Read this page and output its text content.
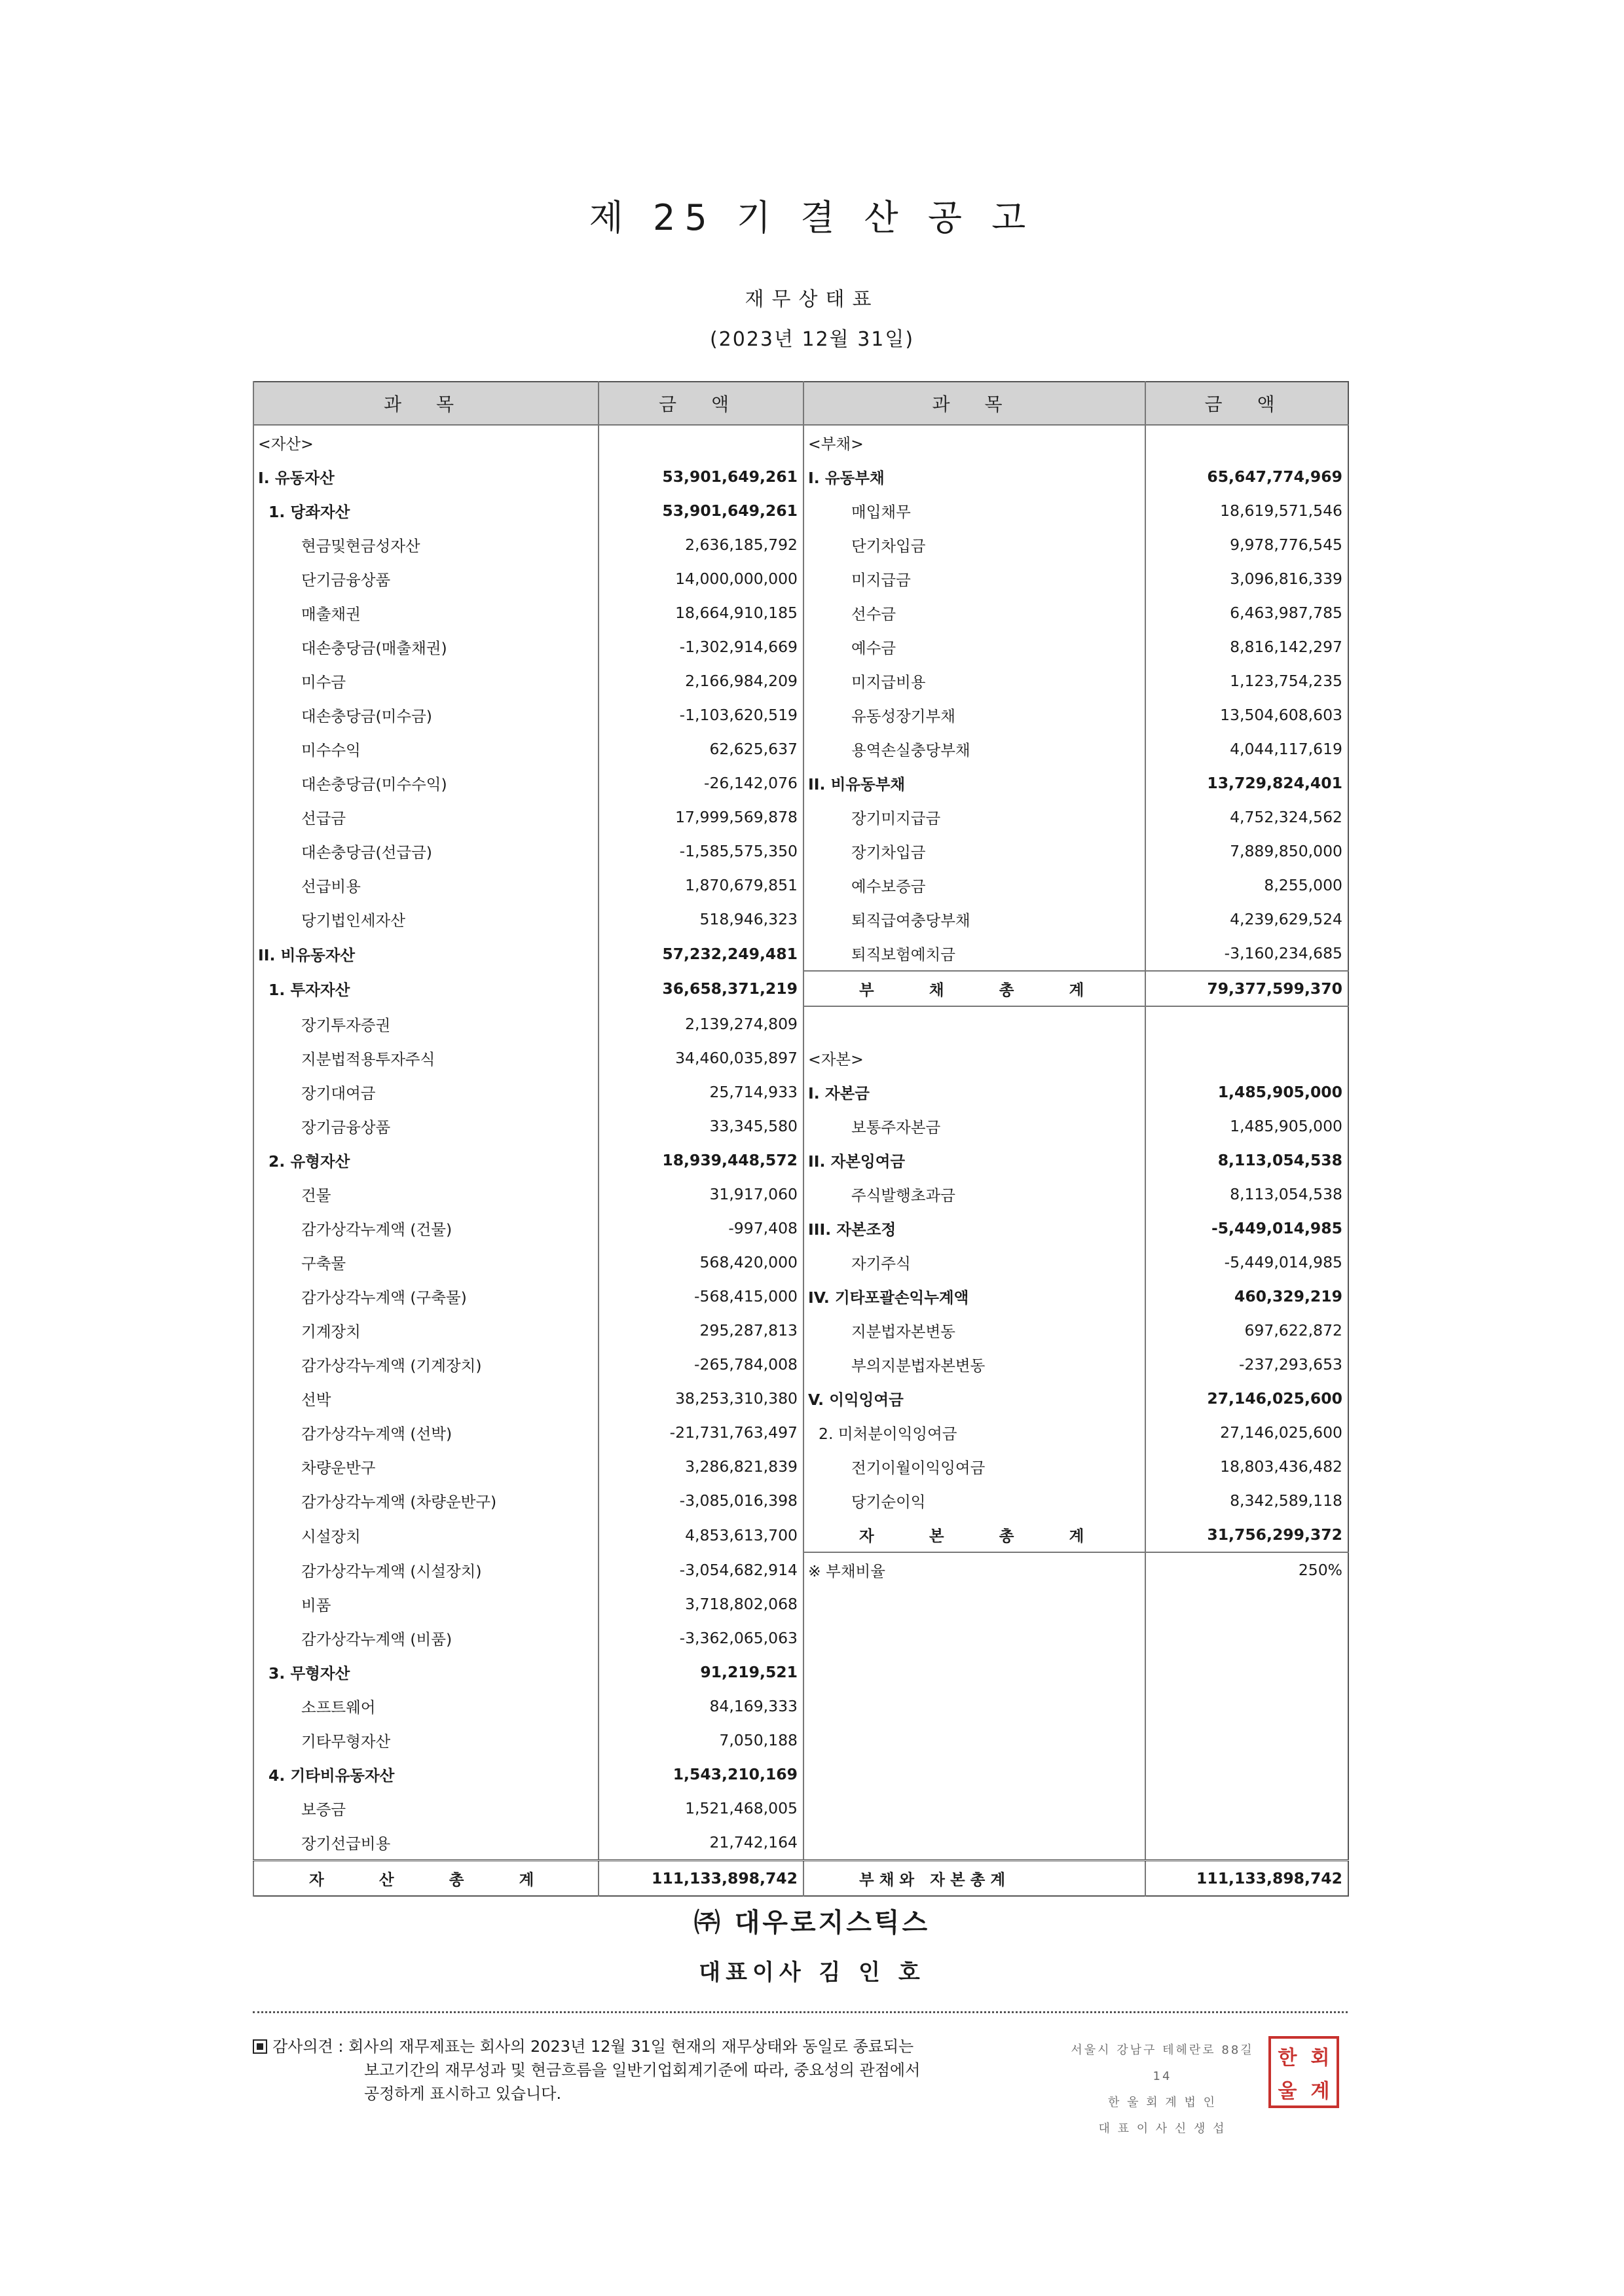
제 25 기 결 산 공 고
재무상태표
(2023년 12월 31일)
과 목	금 액	과 목	금 액
<자산>		<부채>	
I. 유동자산	53,901,649,261	I. 유동부채	65,647,774,969
1. 당좌자산	53,901,649,261	매입채무	18,619,571,546
현금및현금성자산	2,636,185,792	단기차입금	9,978,776,545
단기금융상품	14,000,000,000	미지급금	3,096,816,339
매출채권	18,664,910,185	선수금	6,463,987,785
대손충당금(매출채권)	-1,302,914,669	예수금	8,816,142,297
미수금	2,166,984,209	미지급비용	1,123,754,235
대손충당금(미수금)	-1,103,620,519	유동성장기부채	13,504,608,603
미수수익	62,625,637	용역손실충당부채	4,044,117,619
대손충당금(미수수익)	-26,142,076	II. 비유동부채	13,729,824,401
선급금	17,999,569,878	장기미지급금	4,752,324,562
대손충당금(선급금)	-1,585,575,350	장기차입금	7,889,850,000
선급비용	1,870,679,851	예수보증금	8,255,000
당기법인세자산	518,946,323	퇴직급여충당부채	4,239,629,524
II. 비유동자산	57,232,249,481	퇴직보험예치금	-3,160,234,685
1. 투자자산	36,658,371,219	부 채 총 계	79,377,599,370
장기투자증권	2,139,274,809		
지분법적용투자주식	34,460,035,897	<자본>	
장기대여금	25,714,933	I. 자본금	1,485,905,000
장기금융상품	33,345,580	보통주자본금	1,485,905,000
2. 유형자산	18,939,448,572	II. 자본잉여금	8,113,054,538
건물	31,917,060	주식발행초과금	8,113,054,538
감가상각누계액 (건물)	-997,408	III. 자본조정	-5,449,014,985
구축물	568,420,000	자기주식	-5,449,014,985
감가상각누계액 (구축물)	-568,415,000	IV. 기타포괄손익누계액	460,329,219
기계장치	295,287,813	지분법자본변동	697,622,872
감가상각누계액 (기계장치)	-265,784,008	부의지분법자본변동	-237,293,653
선박	38,253,310,380	V. 이익잉여금	27,146,025,600
감가상각누계액 (선박)	-21,731,763,497	2. 미처분이익잉여금	27,146,025,600
차량운반구	3,286,821,839	전기이월이익잉여금	18,803,436,482
감가상각누계액 (차량운반구)	-3,085,016,398	당기순이익	8,342,589,118
시설장치	4,853,613,700	자 본 총 계	31,756,299,372
감가상각누계액 (시설장치)	-3,054,682,914	※ 부채비율	250%
비품	3,718,802,068		
감가상각누계액 (비품)	-3,362,065,063		
3. 무형자산	91,219,521		
소프트웨어	84,169,333		
기타무형자산	7,050,188		
4. 기타비유동자산	1,543,210,169		
보증금	1,521,468,005		
장기선급비용	21,742,164		
자 산 총 계	111,133,898,742	부채와 자본총계	111,133,898,742
㈜ 대우로지스틱스
대표이사 김 인 호
감사의견 : 회사의 재무제표는 회사의 2023년 12월 31일 현재의 재무상태와 동일로 종료되는
보고기간의 재무성과 및 현금흐름을 일반기업회계기준에 따라, 중요성의 관점에서
공정하게 표시하고 있습니다.
서울시 강남구 테헤란로 88길 14
한 울 회 계 법 인
대 표 이 사 신 생 섭
한 회
울 계
